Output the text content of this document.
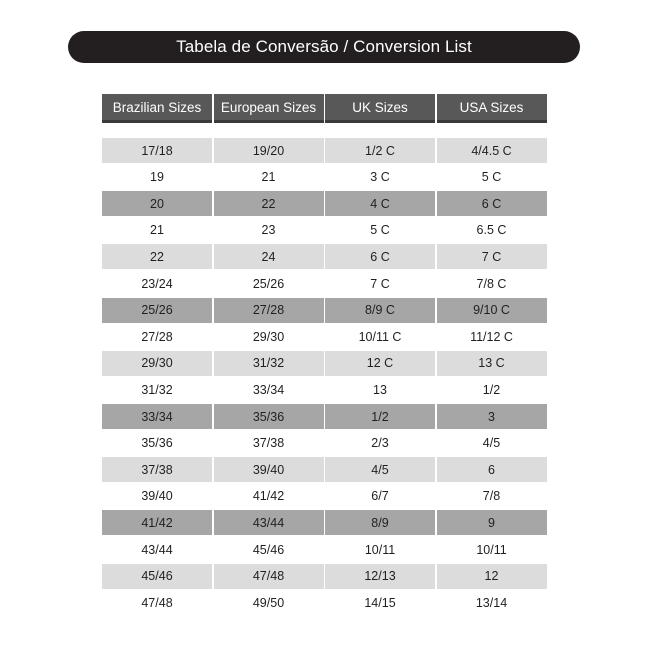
Tabela de Conversão / Conversion List
Brazilian Sizes	European Sizes	UK Sizes	USA Sizes
17/18	19/20	1/2 C	4/4.5 C
19	21	3 C	5 C
20	22	4 C	6 C
21	23	5 C	6.5 C
22	24	6 C	7 C
23/24	25/26	7 C	7/8 C
25/26	27/28	8/9 C	9/10 C
27/28	29/30	10/11 C	11/12 C
29/30	31/32	12 C	13 C
31/32	33/34	13	1/2
33/34	35/36	1/2	3
35/36	37/38	2/3	4/5
37/38	39/40	4/5	6
39/40	41/42	6/7	7/8
41/42	43/44	8/9	9
43/44	45/46	10/11	10/11
45/46	47/48	12/13	12
47/48	49/50	14/15	13/14
